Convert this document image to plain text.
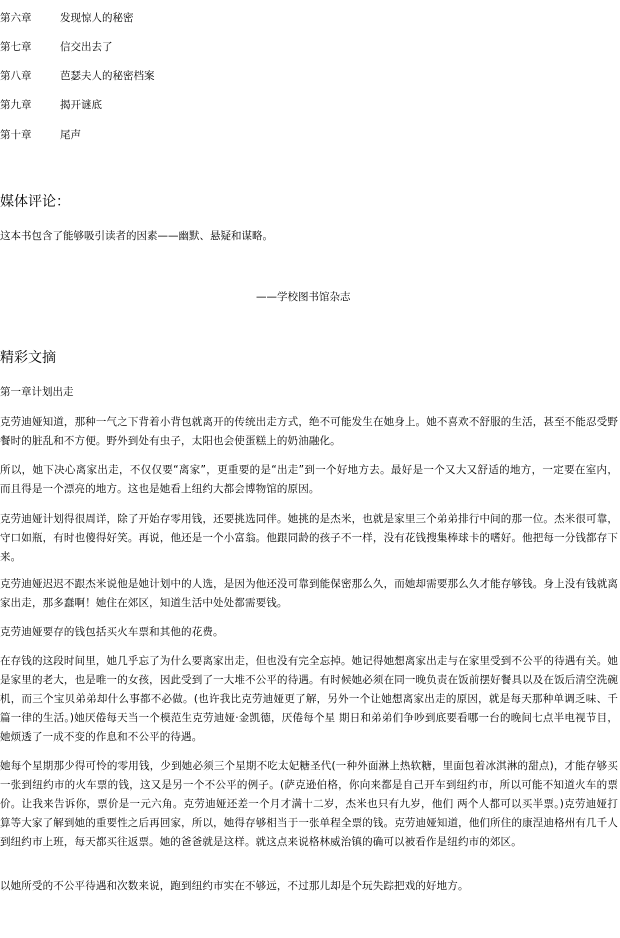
第六章	发现惊人的秘密
第七章	信交出去了
第八章	芭瑟夫人的秘密档案
第九章	揭开谜底
第十章	尾声
媒体评论：
这本书包含了能够吸引读者的因素——幽默、悬疑和谋略。
——学校图书馆杂志
精彩文摘
第一章计划出走
克劳迪娅知道，那种一气之下背着小背包就离开的传统出走方式，绝不可能发生在她身上。她不喜欢不舒服的生活，甚至不能忍受野餐时的脏乱和不方便。野外到处有虫子，太阳也会使蛋糕上的奶油融化。
所以，她下决心离家出走，不仅仅要“离家”，更重要的是“出走”到一个好地方去。最好是一个又大又舒适的地方，一定要在室内，而且得是一个漂亮的地方。这也是她看上纽约大都会博物馆的原因。
克劳迪娅计划得很周详，除了开始存零用钱，还要挑选同伴。她挑的是杰米，也就是家里三个弟弟排行中间的那一位。杰米很可靠，守口如瓶，有时也傻得好笑。再说，他还是一个小富翁。他跟同龄的孩子不一样，没有花钱搜集棒球卡的嗜好。他把每一分钱都存下来。
克劳迪娅迟迟不跟杰米说他是她计划中的人选，是因为他还没可靠到能保密那么久，而她却需要那么久才能存够钱。身上没有钱就离家出走，那多蠢啊！她住在郊区，知道生活中处处都需要钱。
克劳迪娅要存的钱包括买火车票和其他的花费。
在存钱的这段时间里，她几乎忘了为什么要离家出走，但也没有完全忘掉。她记得她想离家出走与在家里受到不公平的待遇有关。她是家里的老大，也是唯一的女孩，因此受到了一大堆不公平的待遇。有时候她必须在同一晚负责在饭前摆好餐具以及在饭后清空洗碗机，而三个宝贝弟弟却什么事都不必做。(也许我比克劳迪娅更了解，另外一个让她想离家出走的原因，就是每天那种单调乏味、千篇一律的生活。)她厌倦每天当一个模范生克劳迪娅·金凯德，厌倦每个星 期日和弟弟们争吵到底要看哪一台的晚间七点半电视节目，她烦透了一成不变的作息和不公平的待遇。
她每个星期那少得可怜的零用钱，少到她必须三个星期不吃太妃糖圣代(一种外面淋上热软糖，里面包着冰淇淋的甜点)，才能存够买一张到纽约市的火车票的钱，这又是另一个不公平的例子。(萨克逊伯格，你向来都是自己开车到纽约市，所以可能不知道火车的票价。让我来告诉你，票价是一元六角。克劳迪娅还差一个月才满十二岁，杰米也只有九岁，他们 两个人都可以买半票。)克劳迪娅打算等大家了解到她的重要性之后再回家，所以，她得存够相当于一张单程全票的钱。克劳迪娅知道，他们所住的康涅迪格州有几千人到纽约市上班，每天都买往返票。她的爸爸就是这样。就这点来说格林威治镇的确可以被看作是纽约市的郊区。
以她所受的不公平待遇和次数来说，跑到纽约市实在不够远，不过那儿却是个玩失踪把戏的好地方。
